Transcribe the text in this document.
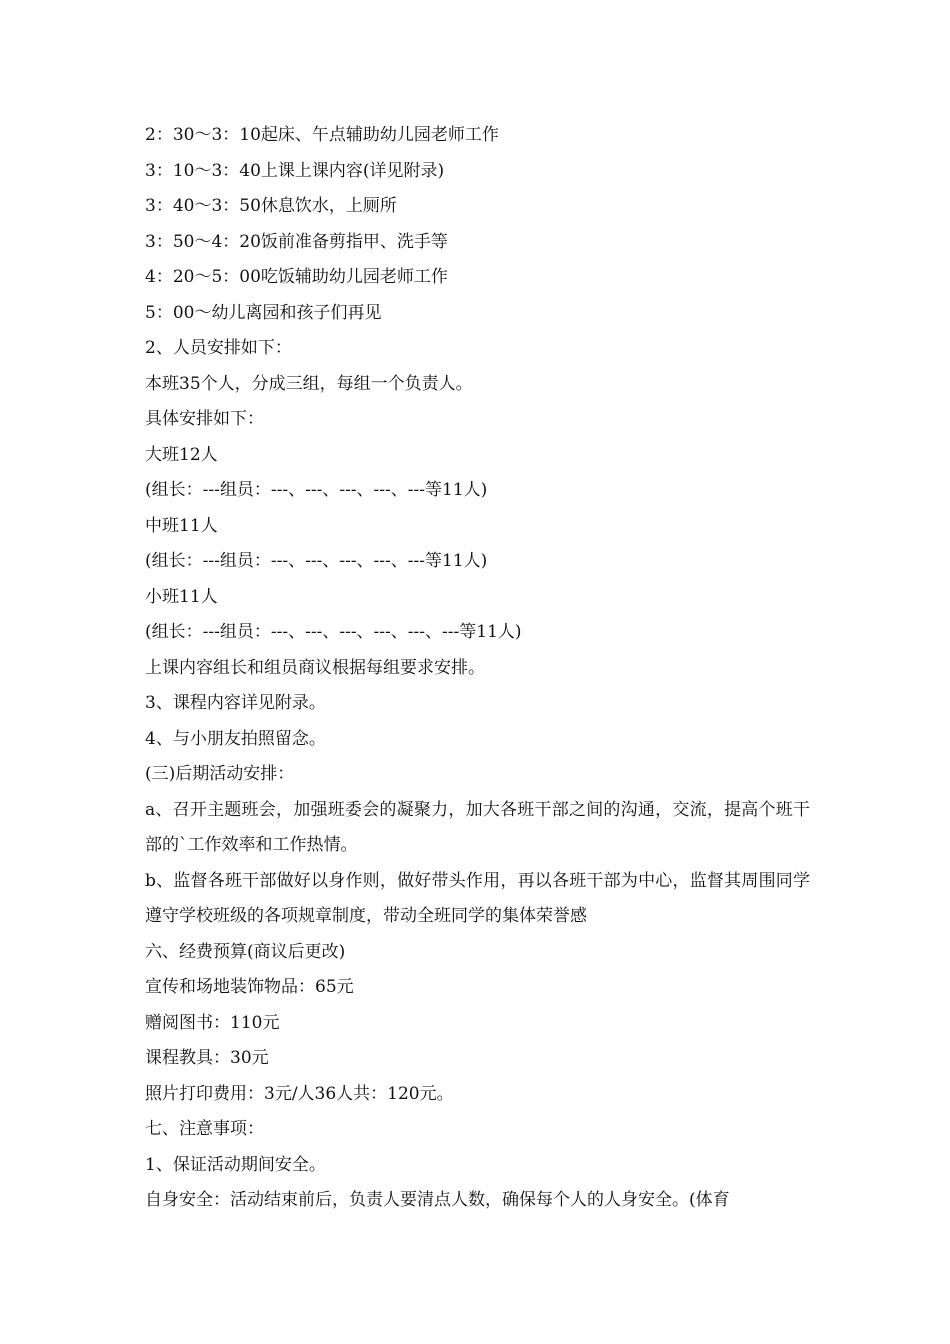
2：30～3：10起床、午点辅助幼儿园老师工作
3：10～3：40上课上课内容(详见附录)
3：40～3：50休息饮水，上厕所
3：50～4：20饭前准备剪指甲、洗手等
4：20～5：00吃饭辅助幼儿园老师工作
5：00～幼儿离园和孩子们再见
2、人员安排如下：
本班35个人，分成三组，每组一个负责人。
具体安排如下：
大班12人
(组长：---组员：---、---、---、---、---等11人)
中班11人
(组长：---组员：---、---、---、---、---等11人)
小班11人
(组长：---组员：---、---、---、---、---、---等11人)
上课内容组长和组员商议根据每组要求安排。
3、课程内容详见附录。
4、与小朋友拍照留念。
(三)后期活动安排：
a、召开主题班会，加强班委会的凝聚力，加大各班干部之间的沟通，交流，提高个班干部的`工作效率和工作热情。
b、监督各班干部做好以身作则，做好带头作用，再以各班干部为中心，监督其周围同学遵守学校班级的各项规章制度，带动全班同学的集体荣誉感
六、经费预算(商议后更改)
宣传和场地装饰物品：65元
赠阅图书：110元
课程教具：30元
照片打印费用：3元/人36人共：120元。
七、注意事项：
1、保证活动期间安全。
自身安全：活动结束前后，负责人要清点人数，确保每个人的人身安全。(体育
